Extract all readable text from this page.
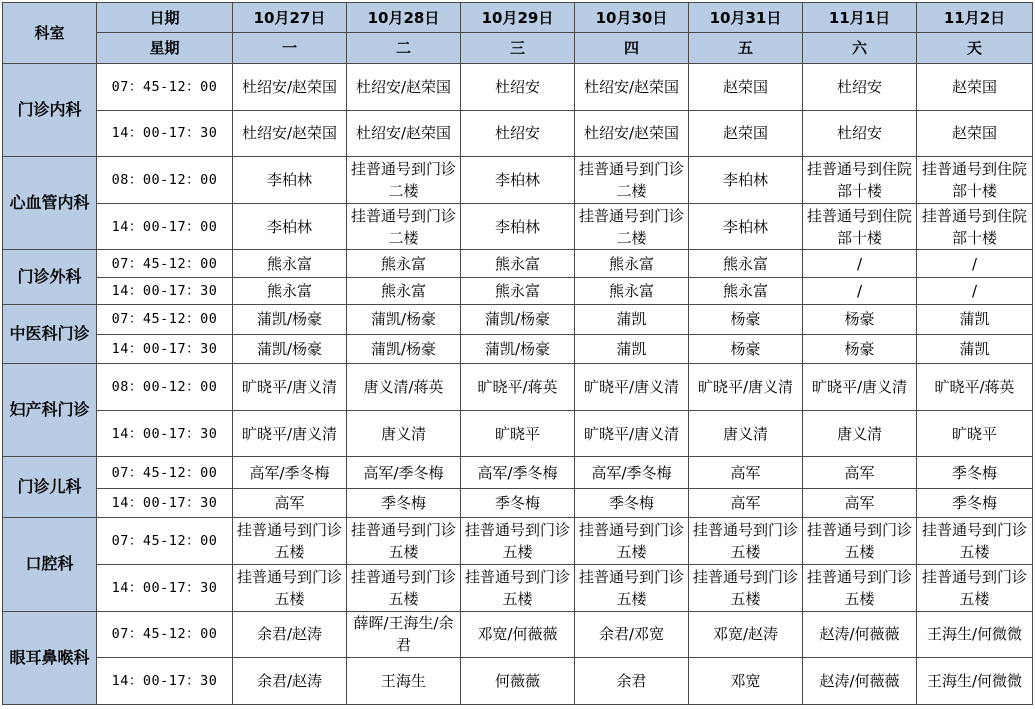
科室	日期	10月27日	10月28日	10月29日	10月30日	10月31日	11月1日	11月2日
	星期	一	二	三	四	五	六	天
门诊内科	07：45-12：00	杜绍安/赵荣国	杜绍安/赵荣国	杜绍安	杜绍安/赵荣国	赵荣国	杜绍安	赵荣国
	14：00-17：30	杜绍安/赵荣国	杜绍安/赵荣国	杜绍安	杜绍安/赵荣国	赵荣国	杜绍安	赵荣国
心血管内科	08：00-12：00	李柏林	挂普通号到门诊二楼	李柏林	挂普通号到门诊二楼	李柏林	挂普通号到住院部十楼	挂普通号到住院部十楼
	14：00-17：00	李柏林	挂普通号到门诊二楼	李柏林	挂普通号到门诊二楼	李柏林	挂普通号到住院部十楼	挂普通号到住院部十楼
门诊外科	07：45-12：00	熊永富	熊永富	熊永富	熊永富	熊永富	/	/
	14：00-17：30	熊永富	熊永富	熊永富	熊永富	熊永富	/	/
中医科门诊	07：45-12：00	蒲凯/杨豪	蒲凯/杨豪	蒲凯/杨豪	蒲凯	杨豪	杨豪	蒲凯
	14：00-17：30	蒲凯/杨豪	蒲凯/杨豪	蒲凯/杨豪	蒲凯	杨豪	杨豪	蒲凯
妇产科门诊	08：00-12：00	旷晓平/唐义清	唐义清/蒋英	旷晓平/蒋英	旷晓平/唐义清	旷晓平/唐义清	旷晓平/唐义清	旷晓平/蒋英
	14：00-17：30	旷晓平/唐义清	唐义清	旷晓平	旷晓平/唐义清	唐义清	唐义清	旷晓平
门诊儿科	07：45-12：00	高军/季冬梅	高军/季冬梅	高军/季冬梅	高军/季冬梅	高军	高军	季冬梅
	14：00-17：30	高军	季冬梅	季冬梅	季冬梅	高军	高军	季冬梅
口腔科	07：45-12：00	挂普通号到门诊五楼	挂普通号到门诊五楼	挂普通号到门诊五楼	挂普通号到门诊五楼	挂普通号到门诊五楼	挂普通号到门诊五楼	挂普通号到门诊五楼
	14：00-17：30	挂普通号到门诊五楼	挂普通号到门诊五楼	挂普通号到门诊五楼	挂普通号到门诊五楼	挂普通号到门诊五楼	挂普通号到门诊五楼	挂普通号到门诊五楼
眼耳鼻喉科	07：45-12：00	余君/赵涛	薛晖/王海生/余君	邓宽/何薇薇	余君/邓宽	邓宽/赵涛	赵涛/何薇薇	王海生/何微微
	14：00-17：30	余君/赵涛	王海生	何薇薇	余君	邓宽	赵涛/何薇薇	王海生/何微微
